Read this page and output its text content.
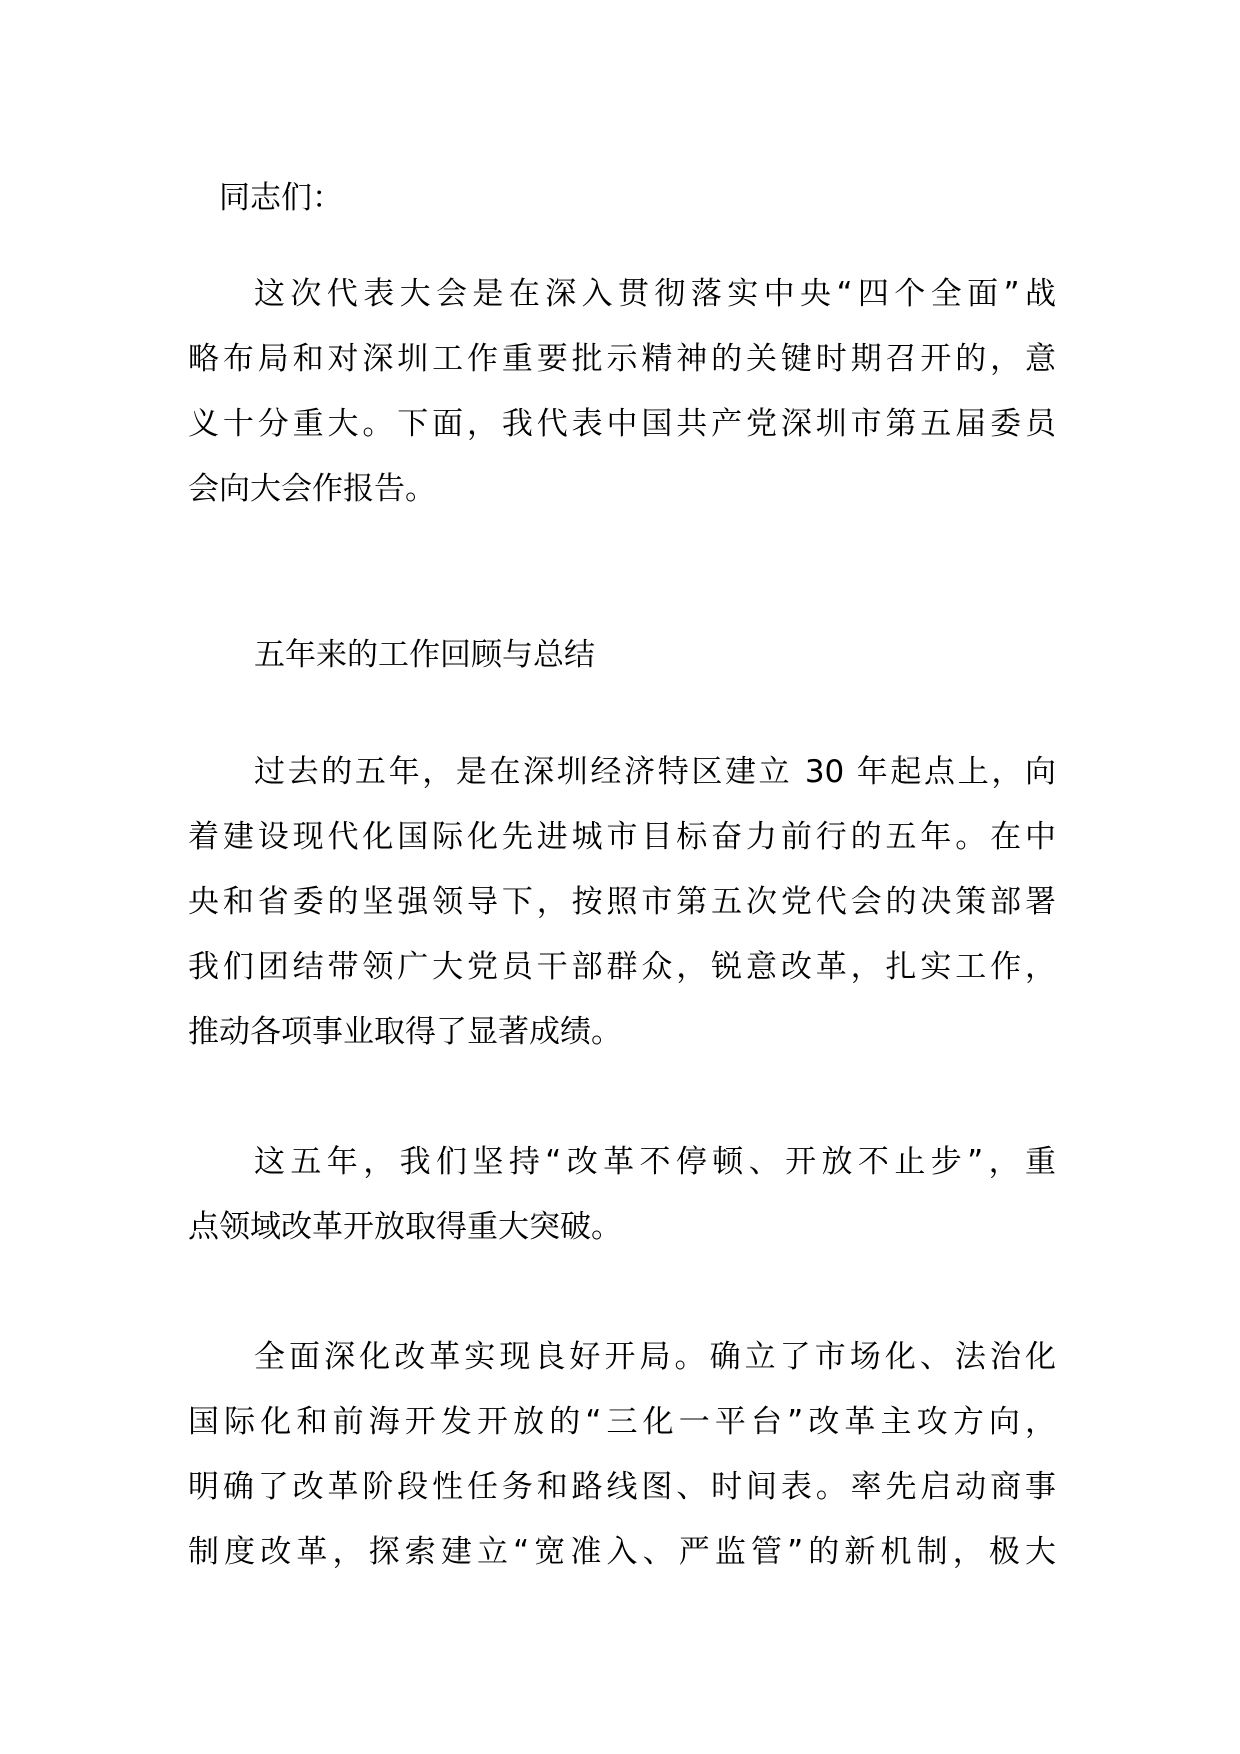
同志们：

这次代表大会是在深入贯彻落实中央“四个全面”战
略布局和对深圳工作重要批示精神的关键时期召开的，意
义十分重大。下面，我代表中国共产党深圳市第五届委员
会向大会作报告。

五年来的工作回顾与总结

过去的五年，是在深圳经济特区建立 30 年起点上，向
着建设现代化国际化先进城市目标奋力前行的五年。在中
央和省委的坚强领导下，按照市第五次党代会的决策部署
我们团结带领广大党员干部群众，锐意改革，扎实工作，
推动各项事业取得了显著成绩。
这五年，我们坚持“改革不停顿、开放不止步”，重
点领域改革开放取得重大突破。
全面深化改革实现良好开局。确立了市场化、法治化
国际化和前海开发开放的“三化一平台”改革主攻方向，
明确了改革阶段性任务和路线图、时间表。率先启动商事
制度改革，探索建立“宽准入、严监管”的新机制，极大
